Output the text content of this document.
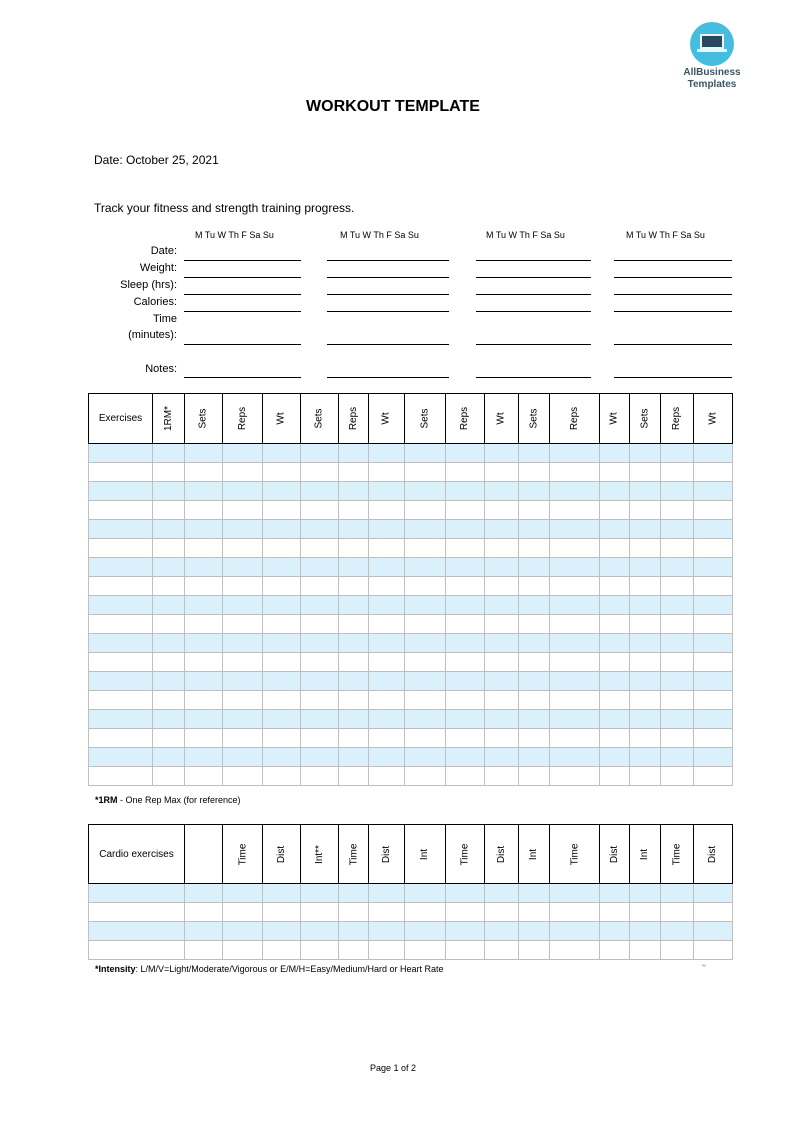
AllBusiness
Templates
WORKOUT TEMPLATE
Date: October 25, 2021
Track your fitness and strength training progress.
M Tu W Th F Sa Su	M Tu W Th F Sa Su	M Tu W Th F Sa Su	M Tu W Th F Sa Su
Date:
Weight:
Sleep (hrs):
Calories:
Time
(minutes):
Notes:
Exercises	1RM*	Sets	Reps	Wt	Sets	Reps	Wt	Sets	Reps	Wt	Sets	Reps	Wt	Sets	Reps	Wt

*1RM - One Rep Max (for reference)
Cardio exercises		Time	Dist	Int**	Time	Dist	Int	Time	Dist	Int	Time	Dist	Int	Time	Dist

*Intensity: L/M/V=Light/Moderate/Vigorous or E/M/H=Easy/Medium/Hard or Heart Rate	™
Page 1 of 2
